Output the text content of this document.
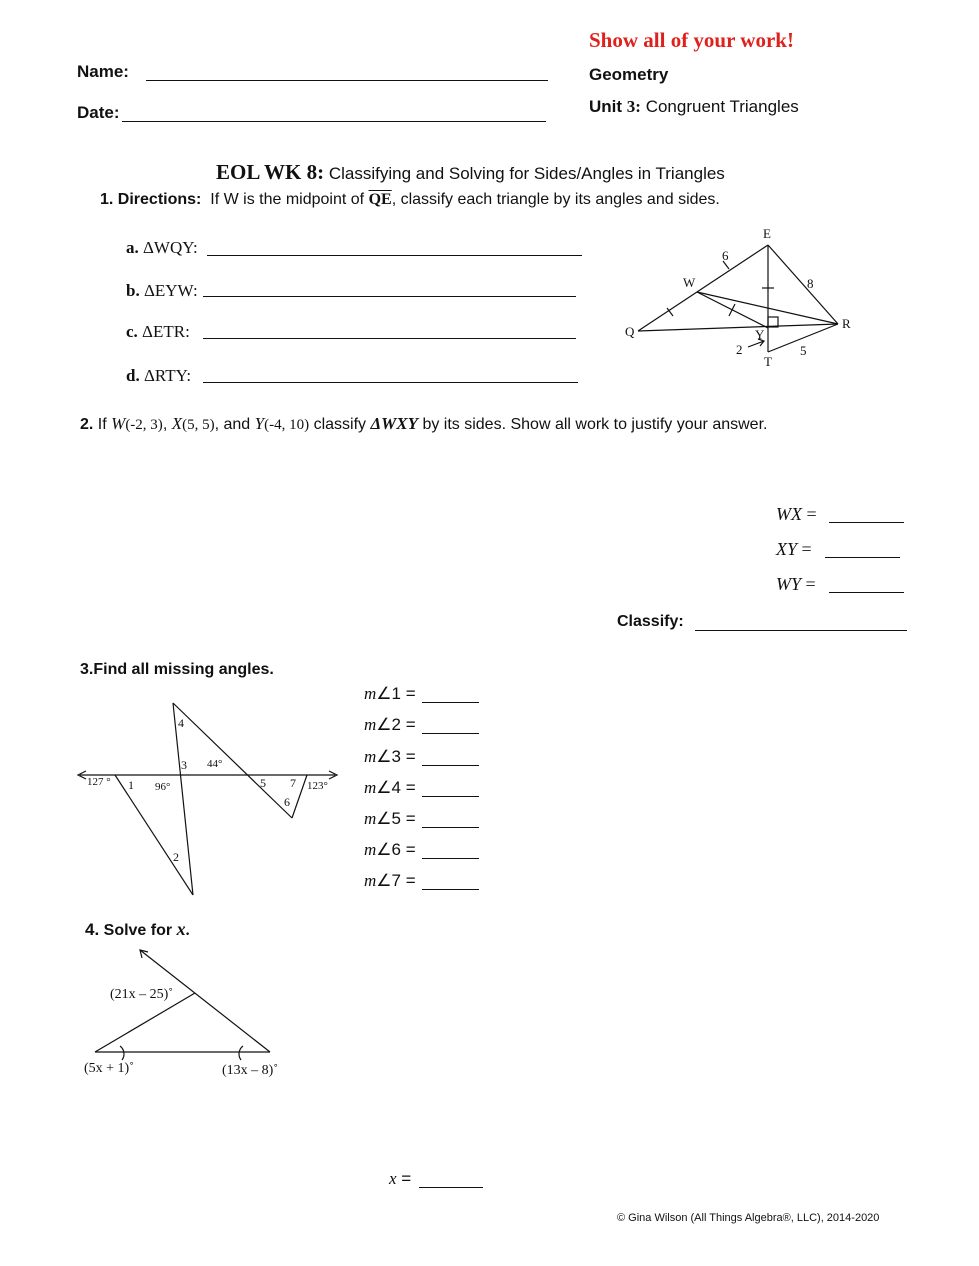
Name:
Date:
Show all of your work!
Geometry
Unit 3: Congruent Triangles
EOL WK 8: Classifying and Solving for Sides/Angles in Triangles
1. Directions: If W is the midpoint of $\overline{QE}$, classify each triangle by its angles and sides.
a. ΔWQY:
b. ΔEYW:
c. ΔETR:
d. ΔRTY:
E
W
Q
R
Y
T
6
8
2	5
2. If W(-2, 3), X(5, 5), and Y(-4, 10) classify ΔWXY by its sides. Show all work to justify your answer.
WX =
XY =
WY =
Classify:
3.Find all missing angles.
127 ° 1 96°
4
3 44°
5 7 123°
6
2
m∠1 =
m∠2 =
m∠3 =
m∠4 =
m∠5 =
m∠6 =
m∠7 =
4. Solve for x.
(21x – 25)˚
(5x + 1)˚	(13x – 8)˚
x =
© Gina Wilson (All Things Algebra®, LLC), 2014-2020
